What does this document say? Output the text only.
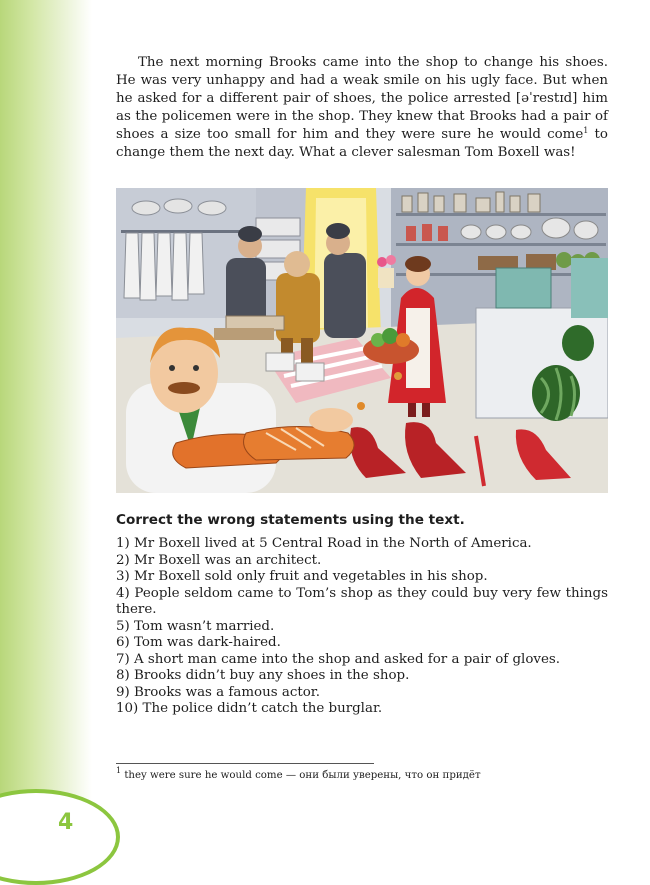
The next morning Brooks came into the shop to change his shoes. He was very unhappy and had a weak smile on his ugly face. But when he asked for a different pair of shoes, the police arrested [əˈrestɪd] him as the policemen were in the shop. They knew that Brooks had a pair of shoes a size too small for him and they were sure he would come$^1$ to change them the next day. What a clever salesman Tom Boxell was!

Correct the wrong statements using the text.
1) Mr Boxell lived at 5 Central Road in the North of America.
2) Mr Boxell was an architect.
3) Mr Boxell sold only fruit and vegetables in his shop.
4) People seldom came to Tom’s shop as they could buy very few things there.
5) Tom wasn’t married.
6) Tom was dark-haired.
7) A short man came into the shop and asked for a pair of gloves.
8) Brooks didn’t buy any shoes in the shop.
9) Brooks was a famous actor.
10) The police didn’t catch the burglar.
$^1$ they were sure he would come — они были уверены, что он придёт
4
